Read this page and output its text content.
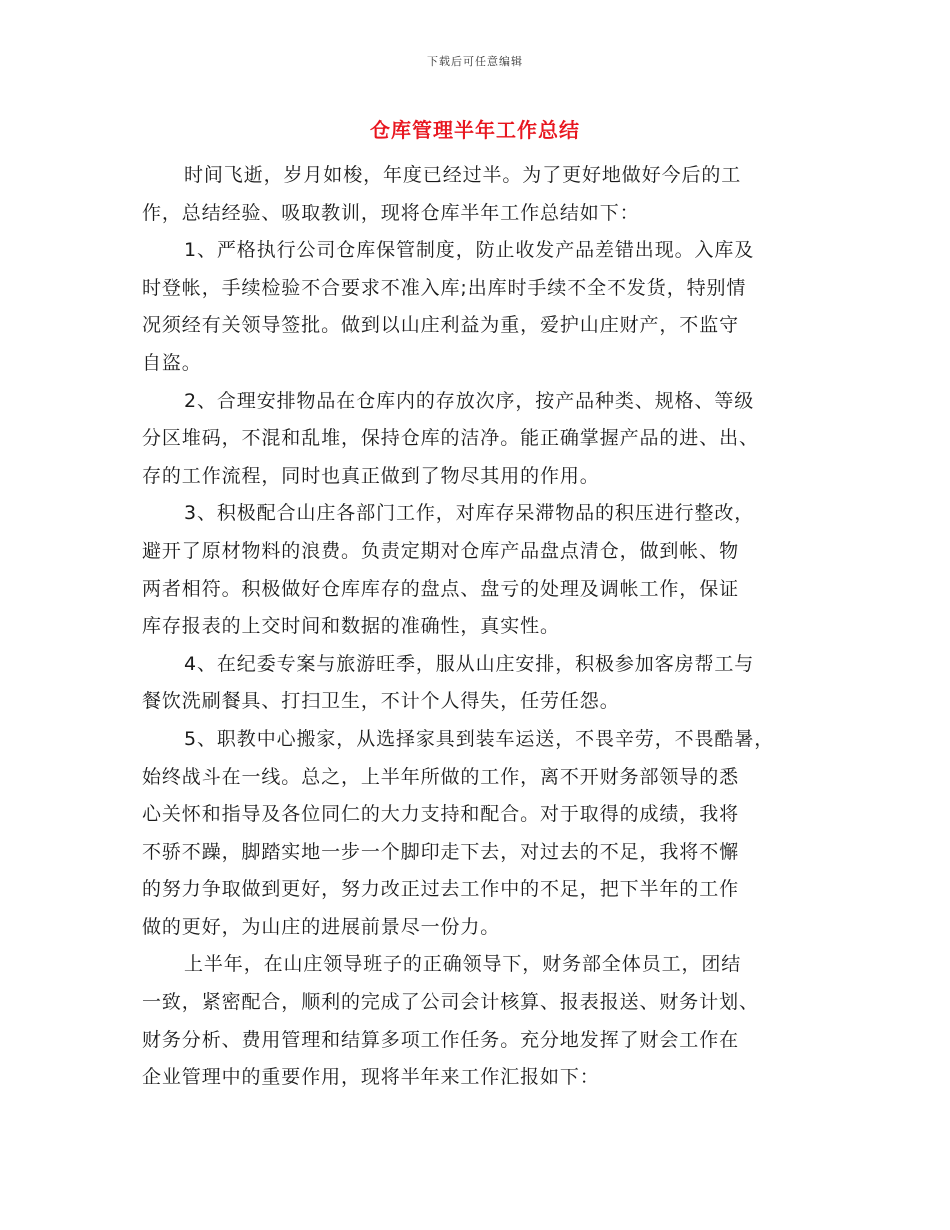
下载后可任意编辑
仓库管理半年工作总结
时间飞逝，岁月如梭，年度已经过半。为了更好地做好今后的工
作，总结经验、吸取教训，现将仓库半年工作总结如下：
1、严格执行公司仓库保管制度，防止收发产品差错出现。入库及
时登帐，手续检验不合要求不准入库;出库时手续不全不发货，特别情
况须经有关领导签批。做到以山庄利益为重，爱护山庄财产，不监守
自盗。
2、合理安排物品在仓库内的存放次序，按产品种类、规格、等级
分区堆码，不混和乱堆，保持仓库的洁净。能正确掌握产品的进、出、
存的工作流程，同时也真正做到了物尽其用的作用。
3、积极配合山庄各部门工作，对库存呆滞物品的积压进行整改，
避开了原材物料的浪费。负责定期对仓库产品盘点清仓，做到帐、物
两者相符。积极做好仓库库存的盘点、盘亏的处理及调帐工作，保证
库存报表的上交时间和数据的准确性，真实性。
4、在纪委专案与旅游旺季，服从山庄安排，积极参加客房帮工与
餐饮洗刷餐具、打扫卫生，不计个人得失，任劳任怨。
5、职教中心搬家，从选择家具到装车运送，不畏辛劳，不畏酷暑，
始终战斗在一线。总之，上半年所做的工作，离不开财务部领导的悉
心关怀和指导及各位同仁的大力支持和配合。对于取得的成绩，我将
不骄不躁，脚踏实地一步一个脚印走下去，对过去的不足，我将不懈
的努力争取做到更好，努力改正过去工作中的不足，把下半年的工作
做的更好，为山庄的进展前景尽一份力。
上半年，在山庄领导班子的正确领导下，财务部全体员工，团结
一致，紧密配合，顺利的完成了公司会计核算、报表报送、财务计划、
财务分析、费用管理和结算多项工作任务。充分地发挥了财会工作在
企业管理中的重要作用，现将半年来工作汇报如下：
